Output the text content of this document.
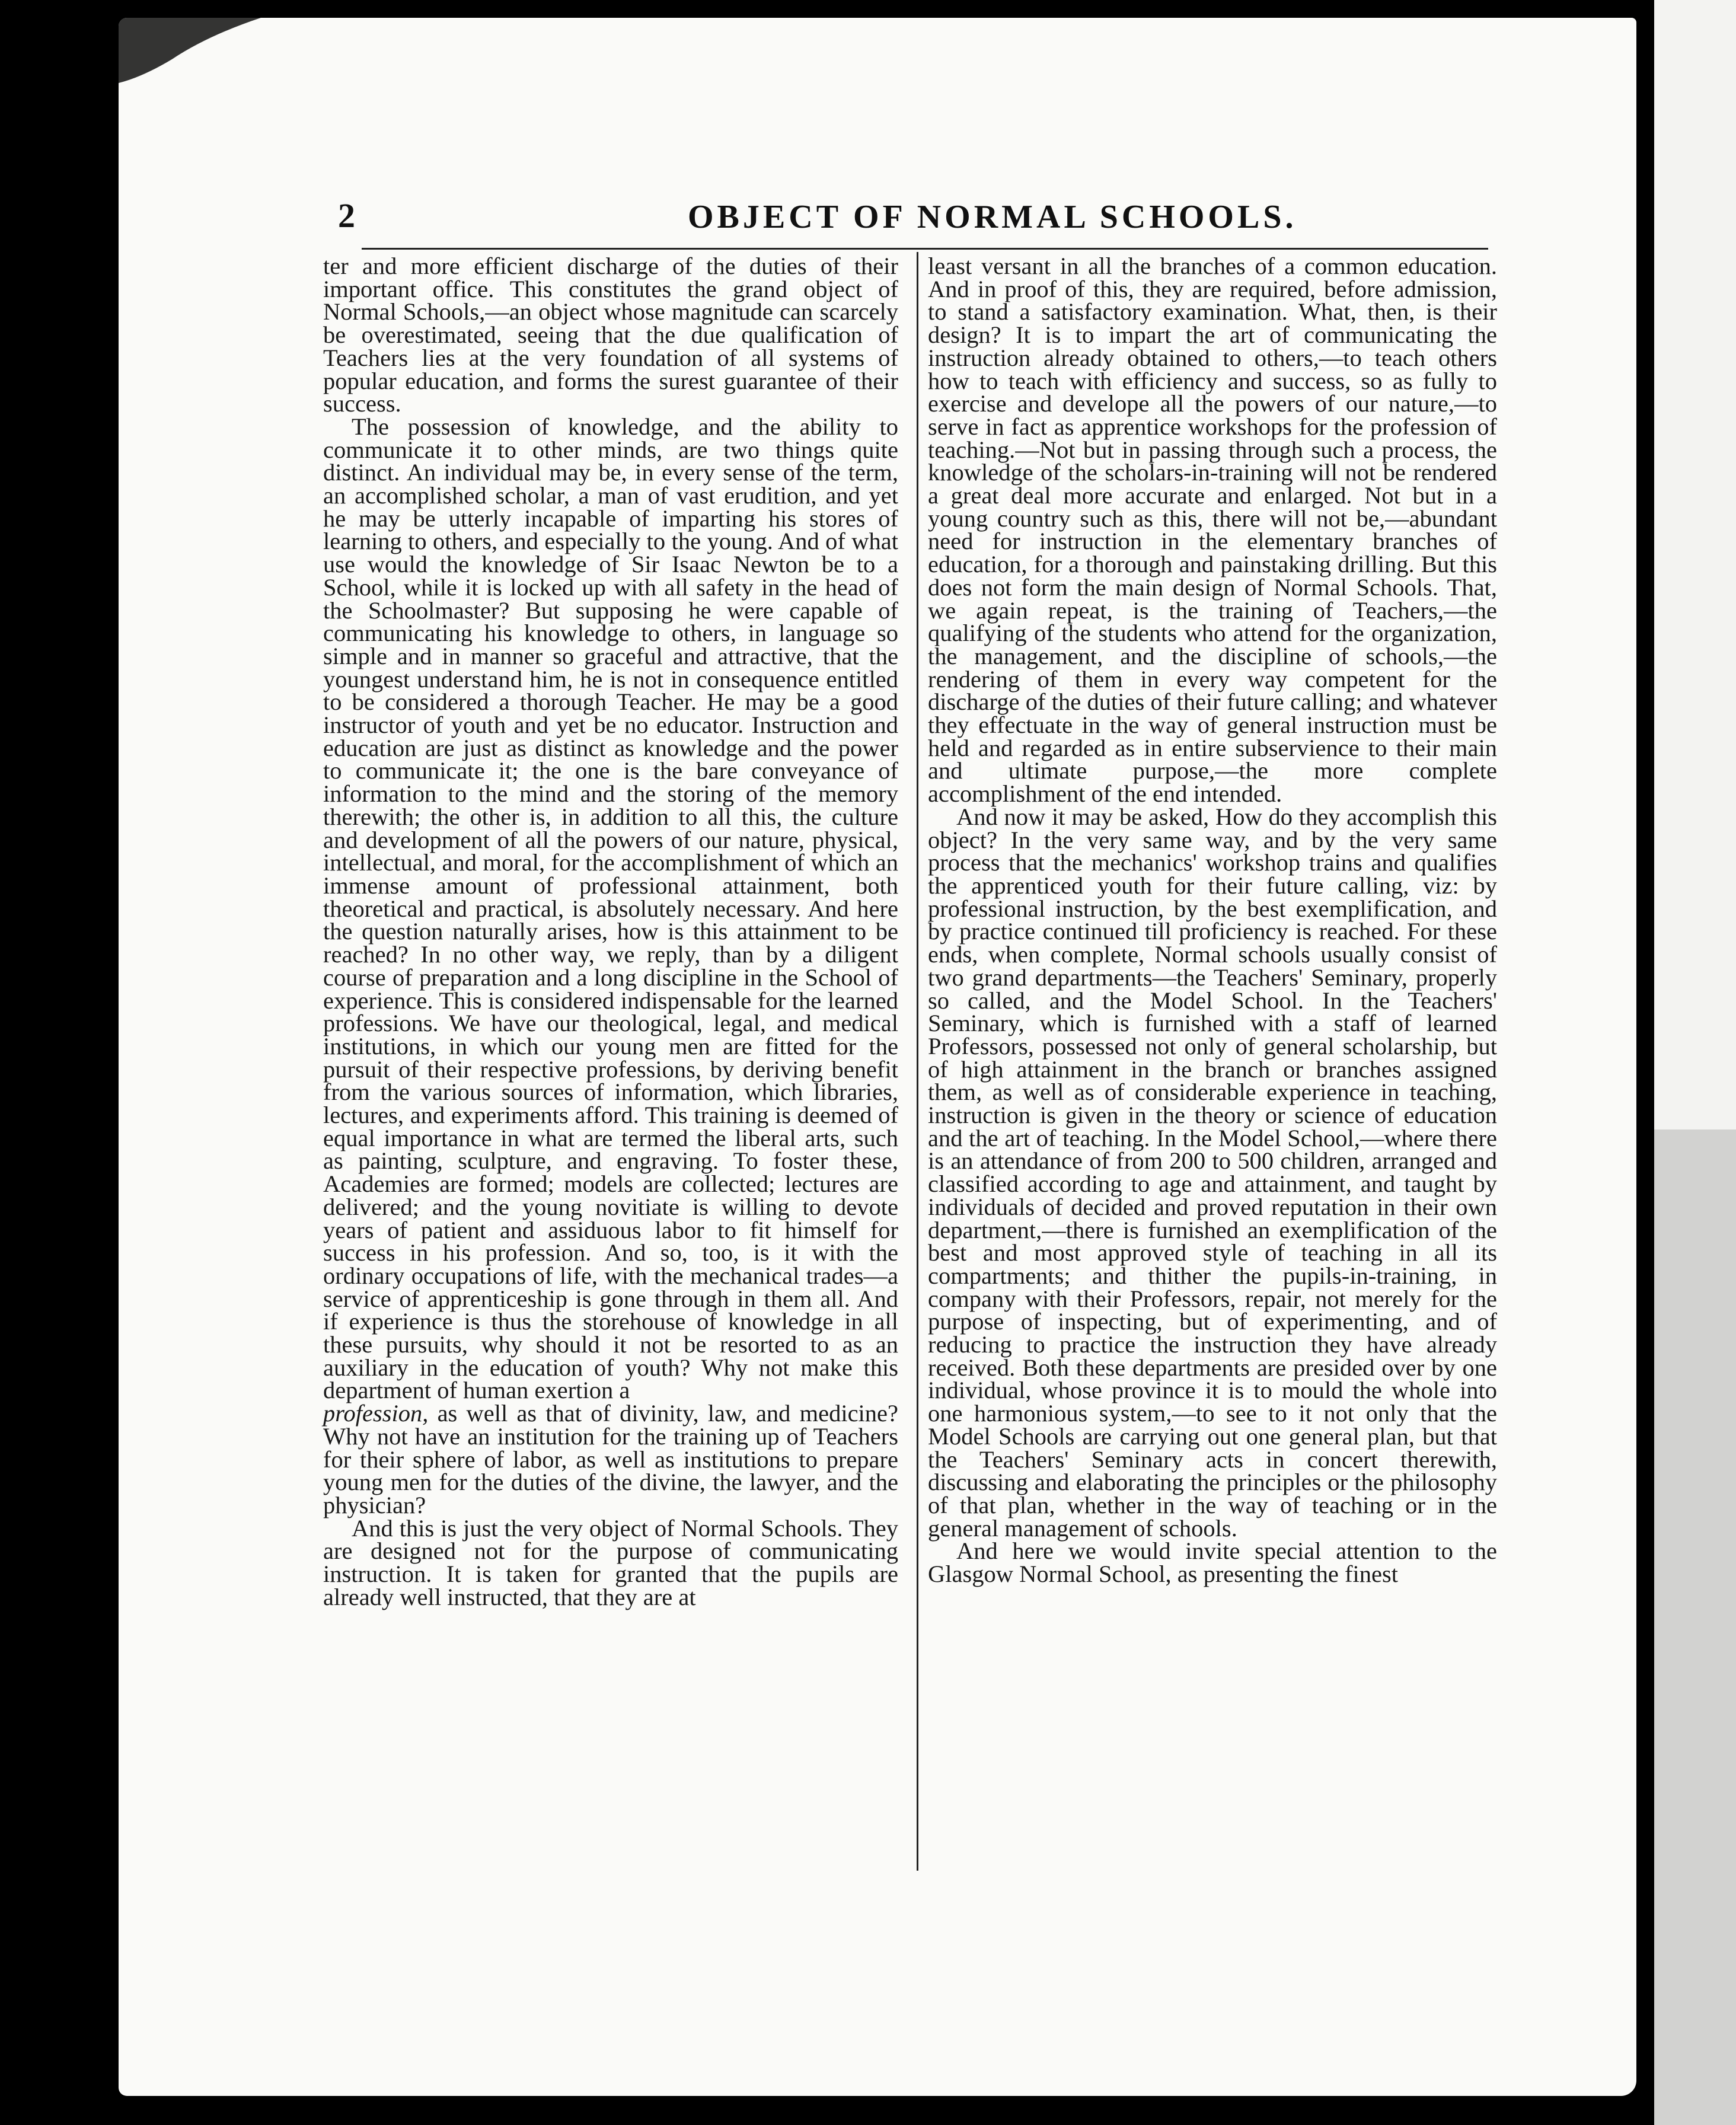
2	OBJECT OF NORMAL SCHOOLS.

ter and more efficient discharge of the duties of their important office. This constitutes the grand object of Normal Schools,—an object whose magnitude can scarcely be overestimated, seeing that the due qualification of Teachers lies at the very foundation of all systems of popular education, and forms the surest guarantee of their success.

The possession of knowledge, and the ability to communicate it to other minds, are two things quite distinct. An individual may be, in every sense of the term, an accomplished scholar, a man of vast erudition, and yet he may be utterly incapable of imparting his stores of learning to others, and especially to the young. And of what use would the knowledge of Sir Isaac Newton be to a School, while it is locked up with all safety in the head of the Schoolmaster? But supposing he were capable of communicating his knowledge to others, in language so simple and in manner so graceful and attractive, that the youngest understand him, he is not in consequence entitled to be considered a thorough Teacher. He may be a good instructor of youth and yet be no educator. Instruction and education are just as distinct as knowledge and the power to communicate it; the one is the bare conveyance of information to the mind and the storing of the memory therewith; the other is, in addition to all this, the culture and development of all the powers of our nature, physical, intellectual, and moral, for the accomplishment of which an immense amount of professional attainment, both theoretical and practical, is absolutely necessary. And here the question naturally arises, how is this attainment to be reached? In no other way, we reply, than by a diligent course of preparation and a long discipline in the School of experience. This is considered indispensable for the learned professions. We have our theological, legal, and medical institutions, in which our young men are fitted for the pursuit of their respective professions, by deriving benefit from the various sources of information, which libraries, lectures, and experiments afford. This training is deemed of equal importance in what are termed the liberal arts, such as painting, sculpture, and engraving. To foster these, Academies are formed; models are collected; lectures are delivered; and the young novitiate is willing to devote years of patient and assiduous labor to fit himself for success in his profession. And so, too, is it with the ordinary occupations of life, with the mechanical trades—a service of apprenticeship is gone through in them all. And if experience is thus the storehouse of knowledge in all these pursuits, why should it not be resorted to as an auxiliary in the education of youth? Why not make this department of human exertion a

profession, as well as that of divinity, law, and medicine? Why not have an institution for the training up of Teachers for their sphere of labor, as well as institutions to prepare young men for the duties of the divine, the lawyer, and the physician?

And this is just the very object of Normal Schools. They are designed not for the purpose of communicating instruction. It is taken for granted that the pupils are already well instructed, that they are at

least versant in all the branches of a common education. And in proof of this, they are required, before admission, to stand a satisfactory examination. What, then, is their design? It is to impart the art of communicating the instruction already obtained to others,—to teach others how to teach with efficiency and success, so as fully to exercise and develope all the powers of our nature,—to serve in fact as apprentice workshops for the profession of teaching.—Not but in passing through such a process, the knowledge of the scholars-in-training will not be rendered a great deal more accurate and enlarged. Not but in a young country such as this, there will not be,—abundant need for instruction in the elementary branches of education, for a thorough and painstaking drilling. But this does not form the main design of Normal Schools. That, we again repeat, is the training of Teachers,—the qualifying of the students who attend for the organization, the management, and the discipline of schools,—the rendering of them in every way competent for the discharge of the duties of their future calling; and whatever they effectuate in the way of general instruction must be held and regarded as in entire subservience to their main and ultimate purpose,—the more complete accomplishment of the end intended.

And now it may be asked, How do they accomplish this object? In the very same way, and by the very same process that the mechanics' workshop trains and qualifies the apprenticed youth for their future calling, viz: by professional instruction, by the best exemplification, and by practice continued till proficiency is reached. For these ends, when complete, Normal schools usually consist of two grand departments—the Teachers' Seminary, properly so called, and the Model School. In the Teachers' Seminary, which is furnished with a staff of learned Professors, possessed not only of general scholarship, but of high attainment in the branch or branches assigned them, as well as of considerable experience in teaching, instruction is given in the theory or science of education and the art of teaching. In the Model School,—where there is an attendance of from 200 to 500 children, arranged and classified according to age and attainment, and taught by individuals of decided and proved reputation in their own department,—there is furnished an exemplification of the best and most approved style of teaching in all its compartments; and thither the pupils-in-training, in company with their Professors, repair, not merely for the purpose of inspecting, but of experimenting, and of reducing to practice the instruction they have already received. Both these departments are presided over by one individual, whose province it is to mould the whole into one harmonious system,—to see to it not only that the Model Schools are carrying out one general plan, but that the Teachers' Seminary acts in concert therewith, discussing and elaborating the principles or the philosophy of that plan, whether in the way of teaching or in the general management of schools.

And here we would invite special attention to the Glasgow Normal School, as presenting the finest
